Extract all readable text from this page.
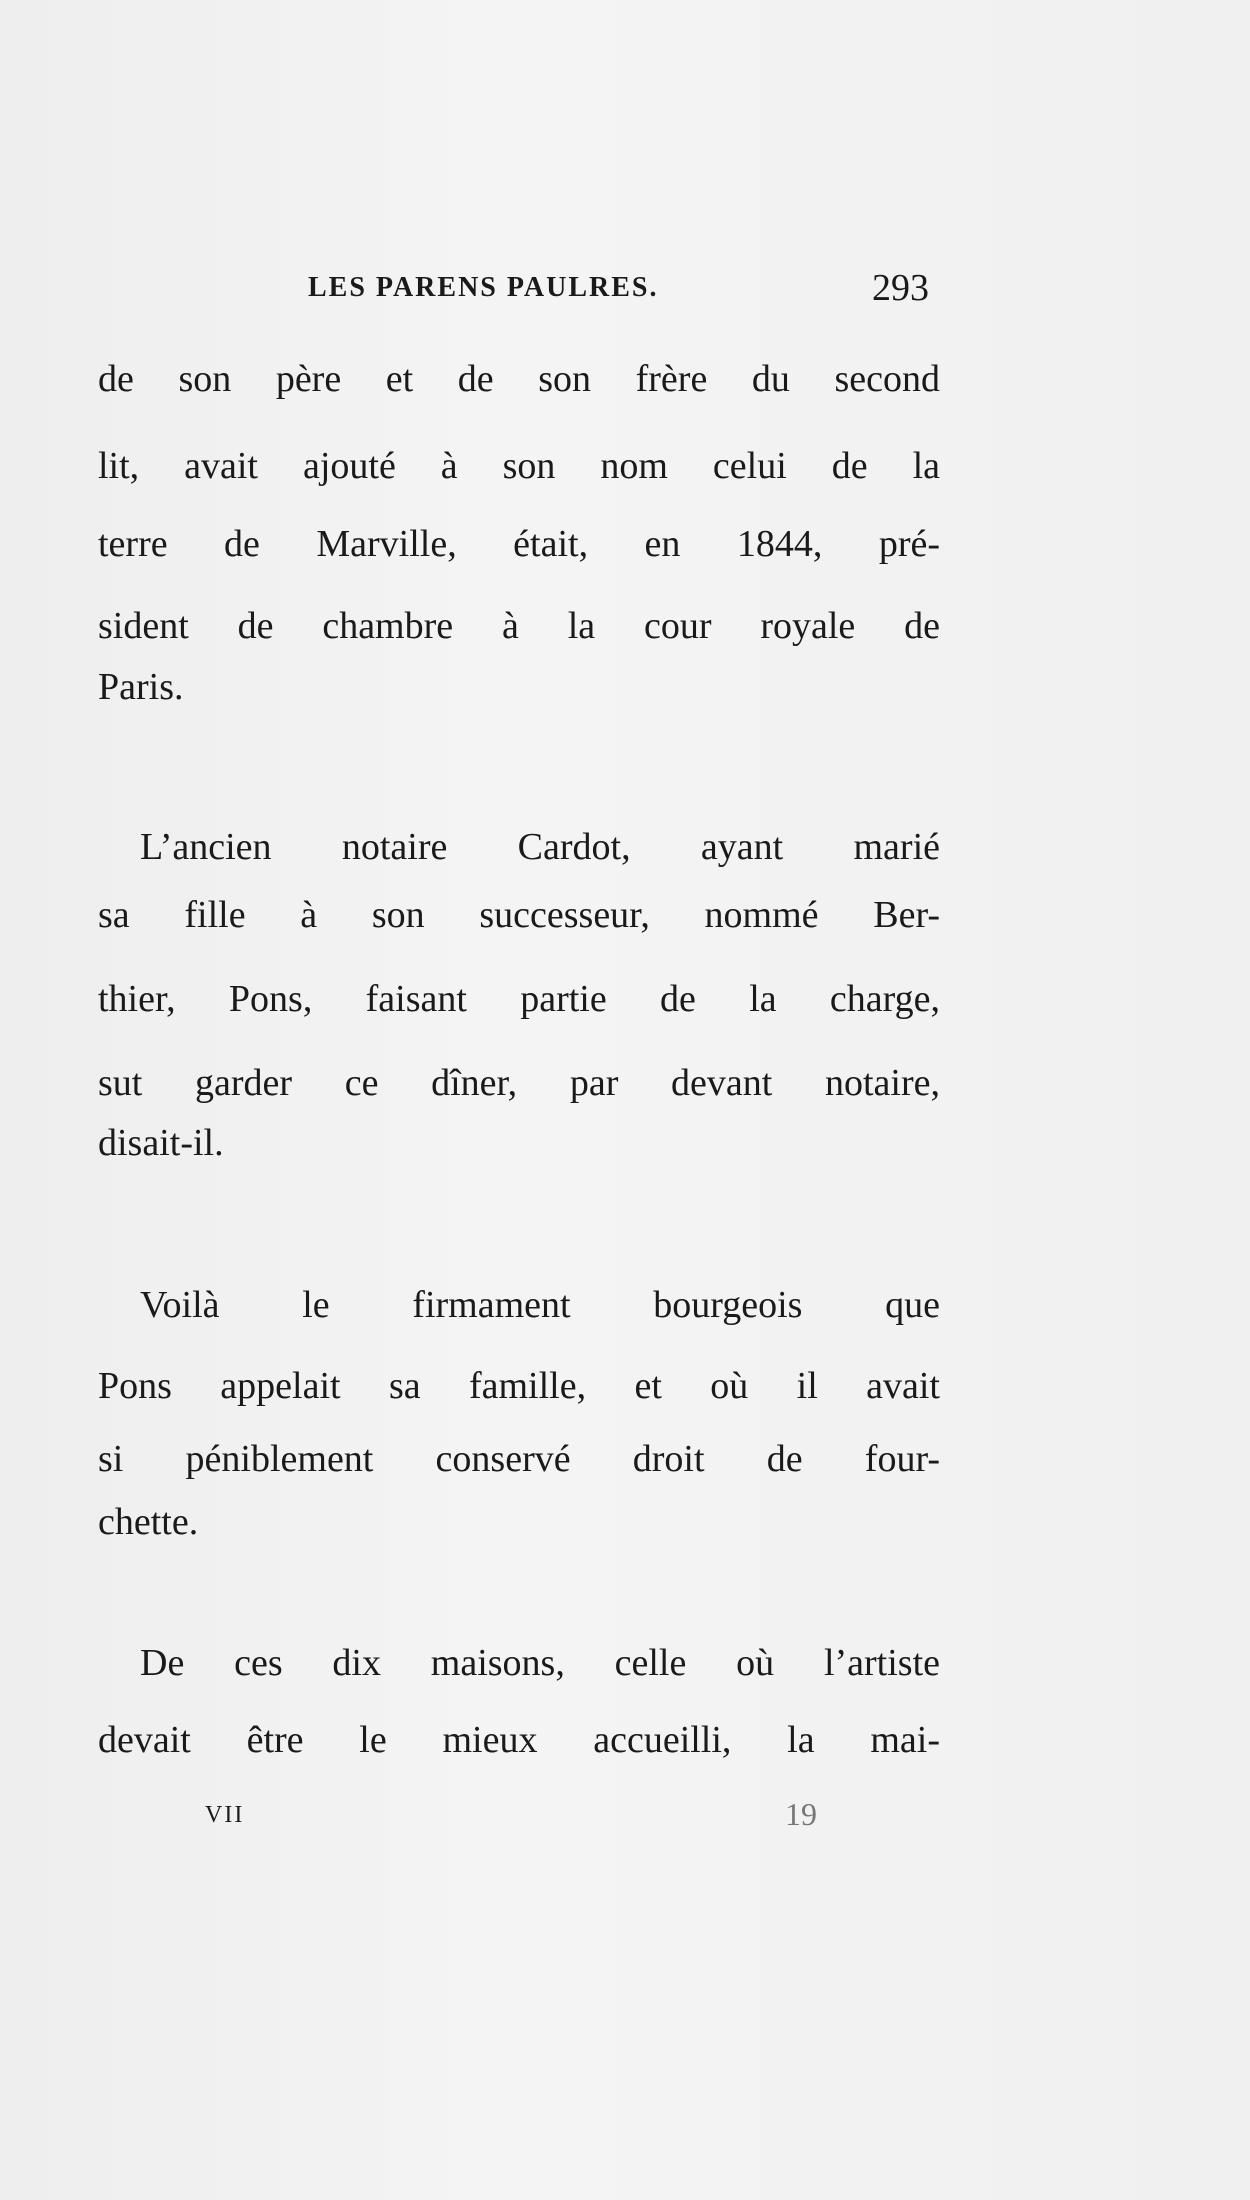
LES PARENS PAULRES.	293
de son père et de son frère du second
lit, avait ajouté à son nom celui de la
terre de Marville, était, en 1844, pré-
sident de chambre à la cour royale de
Paris.
L’ancien notaire Cardot, ayant marié
sa fille à son successeur, nommé Ber-
thier, Pons, faisant partie de la charge,
sut garder ce dîner, par devant notaire,
disait-il.
Voilà le firmament bourgeois que
Pons appelait sa famille, et où il avait
si péniblement conservé droit de four-
chette.
De ces dix maisons, celle où l’artiste
devait être le mieux accueilli, la mai-
VII	19
